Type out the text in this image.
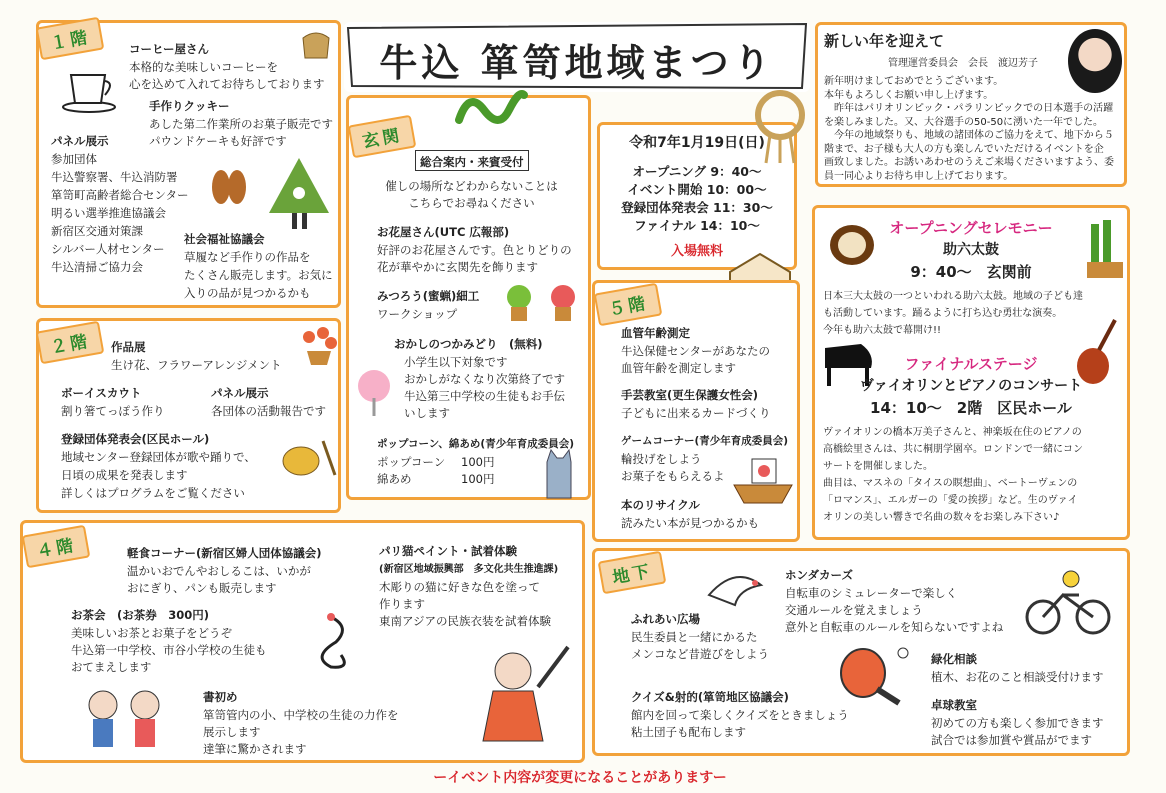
牛込 箪笥地域まつり	新しい年を迎えて
管理運営委員会　会長　渡辺芳子
新年明けましておめでとうございます。
本年もよろしくお願い申し上げます。
　昨年はパリオリンピック・パラリンピックでの日本選手の活躍
を楽しみました。又、大谷選手の50-50に湧いた一年でした。
　今年の地域祭りも、地域の諸団体のご協力をえて、地下から５
階まで、お子様も大人の方も楽しんでいただけるイベントを企
画致しました。お誘いあわせのうえご来場くださいますよう、委
員一同心よりお待ち申し上げております。
コーヒー屋さん
本格的な美味しいコーヒーを
心を込めて入れてお待ちしております
手作りクッキー
あした第二作業所のお菓子販売です
パウンドケーキも好評です
パネル展示
参加団体
牛込警察署、牛込消防署
箪笥町高齢者総合センター
明るい選挙推進協議会
新宿区交通対策課
シルバー人材センター
牛込清掃ご協力会
社会福祉協議会
草履など手作りの作品を
たくさん販売します。お気に
入りの品が見つかるかも
１階
作品展
生け花、フラワーアレンジメント
ボーイスカウト
割り箸てっぽう作り
パネル展示
各団体の活動報告です
登録団体発表会(区民ホール)
地域センター登録団体が歌や踊りで、
日頃の成果を発表します
詳しくはプログラムをご覧ください
２階
総合案内・来賓受付
催しの場所などわからないことは
こちらでお尋ねください
お花屋さん(UTC 広報部)
好評のお花屋さんです。色とりどりの
花が華やかに玄関先を飾ります
みつろう(蜜蝋)細工
ワークショップ
おかしのつかみどり　(無料)
小学生以下対象です
おかしがなくなり次第終了です
牛込第三中学校の生徒もお手伝
いします
ポップコーン、綿あめ(青少年育成委員会)
ポップコーン 100円
綿あめ	100円
玄関	令和7年1月19日(日)
オープニング 9：40～
イベント開始 10：00～
登録団体発表会 11：30～
ファイナル 14：10～
入場無料
血管年齢測定
牛込保健センターがあなたの
血管年齢を測定します
手芸教室(更生保護女性会)
子どもに出来るカードづくり
ゲームコーナー(青少年育成委員会)
輪投げをしよう
お菓子をもらえるよ
本のリサイクル
読みたい本が見つかるかも
５階
オープニングセレモニー
助六太鼓
9：40～　玄関前
日本三大太鼓の一つといわれる助六太鼓。地域の子ども達
も活動しています。踊るように打ち込む勇壮な演奏。
今年も助六太鼓で幕開け!!
ファイナルステージ
ヴァイオリンとピアノのコンサート
14：10～　2階　区民ホール
ヴァイオリンの橋本万美子さんと、神楽坂在住のピアノの
高橋絵里さんは、共に桐朋学園卒。ロンドンで一緒にコン
サートを開催しました。
曲目は、マスネの「タイスの瞑想曲」、ベートーヴェンの
「ロマンス」、エルガーの「愛の挨拶」など。生のヴァイ
オリンの美しい響きで名曲の数々をお楽しみ下さい♪
軽食コーナー(新宿区婦人団体協議会)
温かいおでんやおしるこは、いかが
おにぎり、パンも販売します
お茶会　(お茶券　300円)
美味しいお茶とお菓子をどうぞ
牛込第一中学校、市谷小学校の生徒も
おてまえします
書初め
箪笥管内の小、中学校の生徒の力作を
展示します
達筆に驚かされます
パリ猫ペイント・試着体験
(新宿区地域振興部　多文化共生推進課)
木彫りの猫に好きな色を塗って
作ります
東南アジアの民族衣装を試着体験
４階
ホンダカーズ
自転車のシミュレーターで楽しく
交通ルールを覚えましょう
意外と自転車のルールを知らないですよね
ふれあい広場
民生委員と一緒にかるた
メンコなど昔遊びをしよう	緑化相談
植木、お花のこと相談受付けます
クイズ&射的(箪笥地区協議会)
館内を回って楽しくクイズをときましょう
粘土団子も配布します
卓球教室
初めての方も楽しく参加できます
試合では参加賞や賞品がでます
地下
ーイベント内容が変更になることがありますー
